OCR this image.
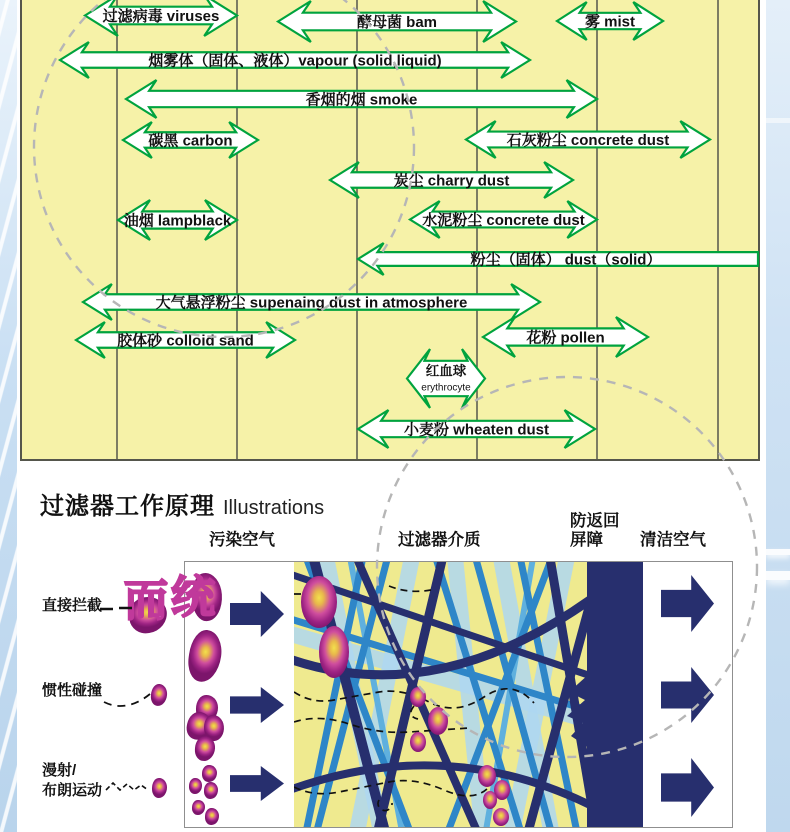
过滤病毒 viruses	酵母菌 bam	雾 mist
烟雾体（固体、液体）vapour (solid,liquid)
香烟的烟 smoke
碳黑 carbon	石灰粉尘 concrete dust
炭尘 charry dust
油烟 lampblack	水泥粉尘 concrete dust
粉尘（固体） dust（solid）
大气悬浮粉尘 supenaing dust in atmosphere
胶体砂 colloid sand	花粉 pollen
红血球
erythrocyte
小麦粉 wheaten dust
过滤器工作原理 Illustrations
污染空气	过滤器介质
防返回
屏障	清洁空气
直接拦截
惯性碰撞
漫射/
布朗运动
而 统
